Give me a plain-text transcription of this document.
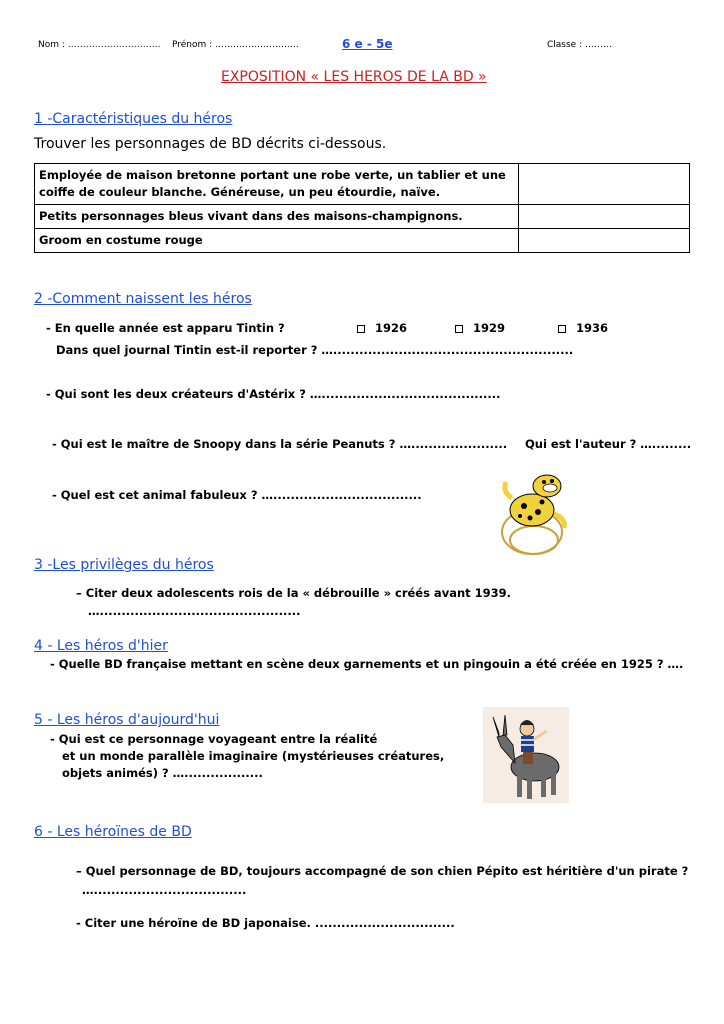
Nom : …………………………. Prénom : ……………………….	6 e - 5e	Classe : ………
EXPOSITION « LES HEROS DE LA BD »
1 -Caractéristiques du héros
Trouver les personnages de BD décrits ci-dessous.
Employée de maison bretonne portant une robe verte, un tablier et une coiffe de couleur blanche. Généreuse, un peu étourdie, naïve.	
Petits personnages bleus vivant dans des maisons-champignons.	
Groom en costume rouge	
2 -Comment naissent les héros
- En quelle année est apparu Tintin ?	1926	1929	1936
Dans quel journal Tintin est-il reporter ? ….......................................................
- Qui sont les deux créateurs d'Astérix ? ….........................................
- Qui est le maître de Snoopy dans la série Peanuts ? …...................... Qui est l'auteur ? ….........
- Quel est cet animal fabuleux ? …..................................
3 -Les privilèges du héros
– Citer deux adolescents rois de la « débrouille » créés avant 1939.
…..............................................
4 - Les héros d'hier
- Quelle BD française mettant en scène deux garnements et un pingouin a été créée en 1925 ? ….
5 - Les héros d'aujourd'hui
- Qui est ce personnage voyageant entre la réalité
et un monde parallèle imaginaire (mystérieuses créatures,
objets animés) ? …..................
6 - Les héroïnes de BD
– Quel personnage de BD, toujours accompagné de son chien Pépito est héritière d'un pirate ?
…...................................
- Citer une héroïne de BD japonaise. ................................
